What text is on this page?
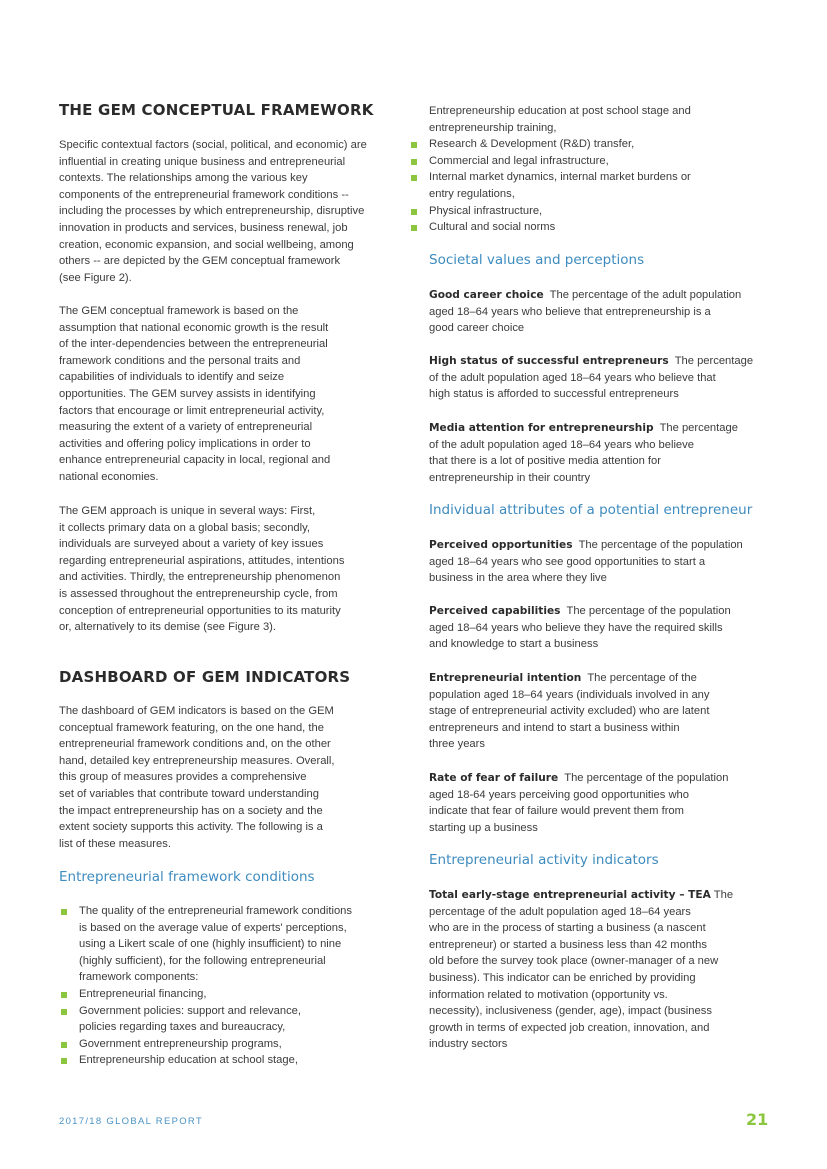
THE GEM CONCEPTUAL FRAMEWORK
Specific contextual factors (social, political, and economic) are
influential in creating unique business and entrepreneurial
contexts. The relationships among the various key
components of the entrepreneurial framework conditions --
including the processes by which entrepreneurship, disruptive
innovation in products and services, business renewal, job
creation, economic expansion, and social wellbeing, among
others -- are depicted by the GEM conceptual framework
(see Figure 2).
The GEM conceptual framework is based on the
assumption that national economic growth is the result
of the inter-dependencies between the entrepreneurial
framework conditions and the personal traits and
capabilities of individuals to identify and seize
opportunities. The GEM survey assists in identifying
factors that encourage or limit entrepreneurial activity,
measuring the extent of a variety of entrepreneurial
activities and offering policy implications in order to
enhance entrepreneurial capacity in local, regional and
national economies.
The GEM approach is unique in several ways: First,
it collects primary data on a global basis; secondly,
individuals are surveyed about a variety of key issues
regarding entrepreneurial aspirations, attitudes, intentions
and activities. Thirdly, the entrepreneurship phenomenon
is assessed throughout the entrepreneurship cycle, from
conception of entrepreneurial opportunities to its maturity
or, alternatively to its demise (see Figure 3).
DASHBOARD OF GEM INDICATORS
The dashboard of GEM indicators is based on the GEM
conceptual framework featuring, on the one hand, the
entrepreneurial framework conditions and, on the other
hand, detailed key entrepreneurship measures. Overall,
this group of measures provides a comprehensive
set of variables that contribute toward understanding
the impact entrepreneurship has on a society and the
extent society supports this activity. The following is a
list of these measures.
Entrepreneurial framework conditions
The quality of the entrepreneurial framework conditions
is based on the average value of experts' perceptions,
using a Likert scale of one (highly insufficient) to nine
(highly sufficient), for the following entrepreneurial
framework components:
Entrepreneurial financing,
Government policies: support and relevance,
policies regarding taxes and bureaucracy,
Government entrepreneurship programs,
Entrepreneurship education at school stage,
Entrepreneurship education at post school stage and
entrepreneurship training,
Research & Development (R&D) transfer,
Commercial and legal infrastructure,
Internal market dynamics, internal market burdens or
entry regulations,
Physical infrastructure,
Cultural and social norms
Societal values and perceptions
Good career choice The percentage of the adult population
aged 18–64 years who believe that entrepreneurship is a
good career choice
High status of successful entrepreneurs The percentage
of the adult population aged 18–64 years who believe that
high status is afforded to successful entrepreneurs
Media attention for entrepreneurship The percentage
of the adult population aged 18–64 years who believe
that there is a lot of positive media attention for
entrepreneurship in their country
Individual attributes of a potential entrepreneur
Perceived opportunities The percentage of the population
aged 18–64 years who see good opportunities to start a
business in the area where they live
Perceived capabilities The percentage of the population
aged 18–64 years who believe they have the required skills
and knowledge to start a business
Entrepreneurial intention The percentage of the
population aged 18–64 years (individuals involved in any
stage of entrepreneurial activity excluded) who are latent
entrepreneurs and intend to start a business within
three years
Rate of fear of failure The percentage of the population
aged 18-64 years perceiving good opportunities who
indicate that fear of failure would prevent them from
starting up a business
Entrepreneurial activity indicators
Total early-stage entrepreneurial activity – TEA The
percentage of the adult population aged 18–64 years
who are in the process of starting a business (a nascent
entrepreneur) or started a business less than 42 months
old before the survey took place (owner-manager of a new
business). This indicator can be enriched by providing
information related to motivation (opportunity vs.
necessity), inclusiveness (gender, age), impact (business
growth in terms of expected job creation, innovation, and
industry sectors
2017/18 GLOBAL REPORT	21
